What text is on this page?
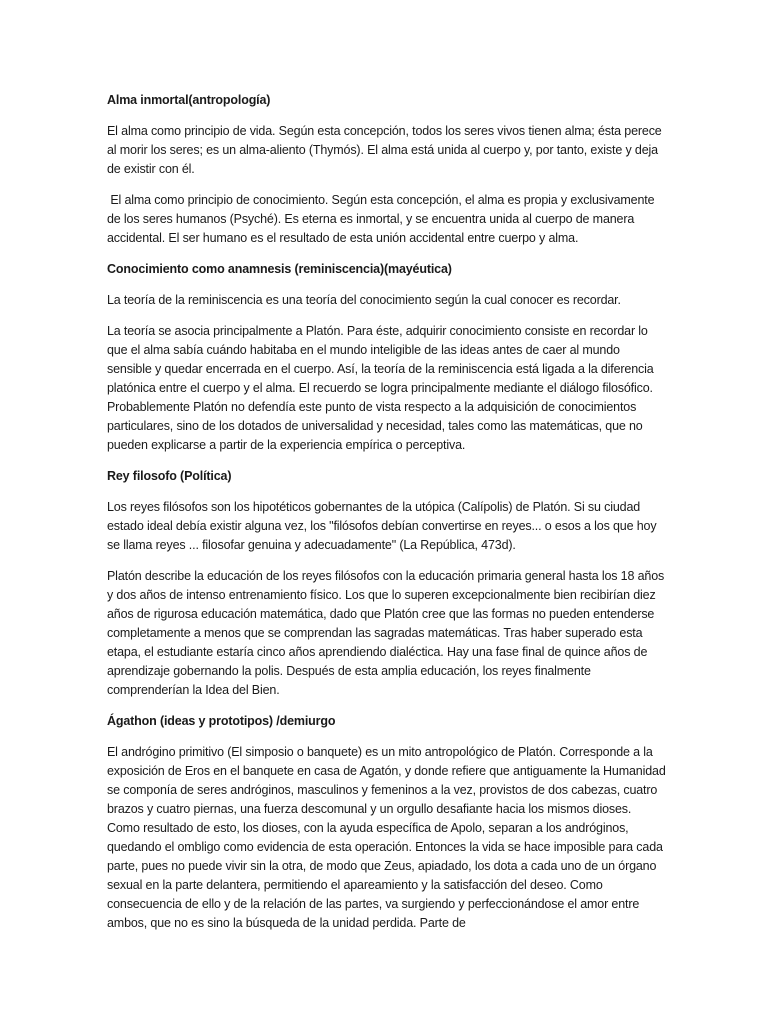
Alma inmortal(antropología)

El alma como principio de vida. Según esta concepción, todos los seres vivos tienen alma; ésta perece al morir los seres; es un alma-aliento (Thymós). El alma está unida al cuerpo y, por tanto, existe y deja de existir con él.

El alma como principio de conocimiento. Según esta concepción, el alma es propia y exclusivamente de los seres humanos (Psyché). Es eterna es inmortal, y se encuentra unida al cuerpo de manera accidental. El ser humano es el resultado de esta unión accidental entre cuerpo y alma.

Conocimiento como anamnesis (reminiscencia)(mayéutica)

La teoría de la reminiscencia es una teoría del conocimiento según la cual conocer es recordar.

La teoría se asocia principalmente a Platón. Para éste, adquirir conocimiento consiste en recordar lo que el alma sabía cuándo habitaba en el mundo inteligible de las ideas antes de caer al mundo sensible y quedar encerrada en el cuerpo. Así, la teoría de la reminiscencia está ligada a la diferencia platónica entre el cuerpo y el alma. El recuerdo se logra principalmente mediante el diálogo filosófico. Probablemente Platón no defendía este punto de vista respecto a la adquisición de conocimientos particulares, sino de los dotados de universalidad y necesidad, tales como las matemáticas, que no pueden explicarse a partir de la experiencia empírica o perceptiva.

Rey filosofo (Política)

Los reyes filósofos son los hipotéticos gobernantes de la utópica (Calípolis) de Platón. Si su ciudad estado ideal debía existir alguna vez, los "filósofos debían convertirse en reyes... o esos a los que hoy se llama reyes ... filosofar genuina y adecuadamente" (La República, 473d).

Platón describe la educación de los reyes filósofos con la educación primaria general hasta los 18 años y dos años de intenso entrenamiento físico. Los que lo superen excepcionalmente bien recibirían diez años de rigurosa educación matemática, dado que Platón cree que las formas no pueden entenderse completamente a menos que se comprendan las sagradas matemáticas. Tras haber superado esta etapa, el estudiante estaría cinco años aprendiendo dialéctica. Hay una fase final de quince años de aprendizaje gobernando la polis. Después de esta amplia educación, los reyes finalmente comprenderían la Idea del Bien.

Ágathon (ideas y prototipos) /demiurgo

El andrógino primitivo (El simposio o banquete) es un mito antropológico de Platón. Corresponde a la exposición de Eros en el banquete en casa de Agatón, y donde refiere que antiguamente la Humanidad se componía de seres andróginos, masculinos y femeninos a la vez, provistos de dos cabezas, cuatro brazos y cuatro piernas, una fuerza descomunal y un orgullo desafiante hacia los mismos dioses. Como resultado de esto, los dioses, con la ayuda específica de Apolo, separan a los andróginos, quedando el ombligo como evidencia de esta operación. Entonces la vida se hace imposible para cada parte, pues no puede vivir sin la otra, de modo que Zeus, apiadado, los dota a cada uno de un órgano sexual en la parte delantera, permitiendo el apareamiento y la satisfacción del deseo. Como consecuencia de ello y de la relación de las partes, va surgiendo y perfeccionándose el amor entre ambos, que no es sino la búsqueda de la unidad perdida. Parte de
